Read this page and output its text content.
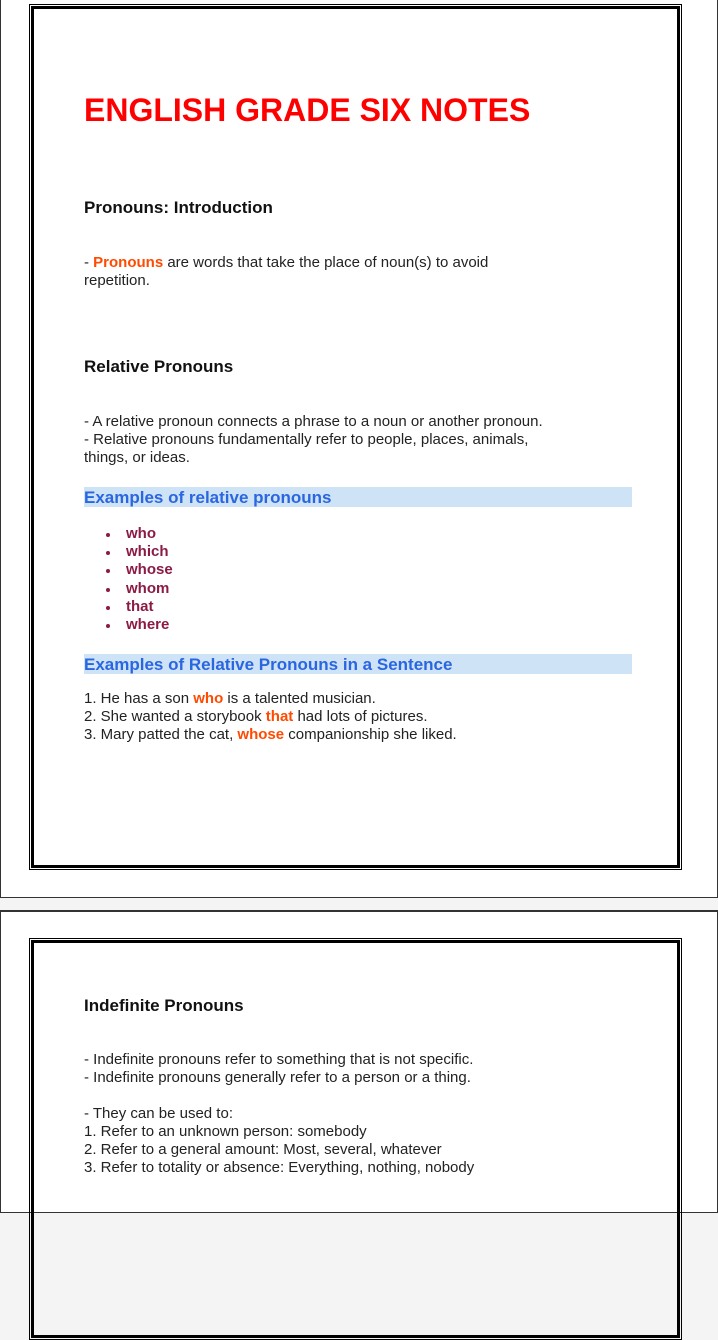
ENGLISH GRADE SIX NOTES
Pronouns: Introduction

- Pronouns are words that take the place of noun(s) to avoid

repetition.

Relative Pronouns

- A relative pronoun connects a phrase to a noun or another pronoun.

- Relative pronouns fundamentally refer to people, places, animals,

things, or ideas.

Examples of relative pronouns
who
which
whose
whom
that
where
Examples of Relative Pronouns in a Sentence

1. He has a son who is a talented musician.

2. She wanted a storybook that had lots of pictures.

3. Mary patted the cat, whose companionship she liked.

Indefinite Pronouns

- Indefinite pronouns refer to something that is not specific.

- Indefinite pronouns generally refer to a person or a thing.

- They can be used to:

1. Refer to an unknown person: somebody

2. Refer to a general amount: Most, several, whatever

3. Refer to totality or absence: Everything, nothing, nobody
